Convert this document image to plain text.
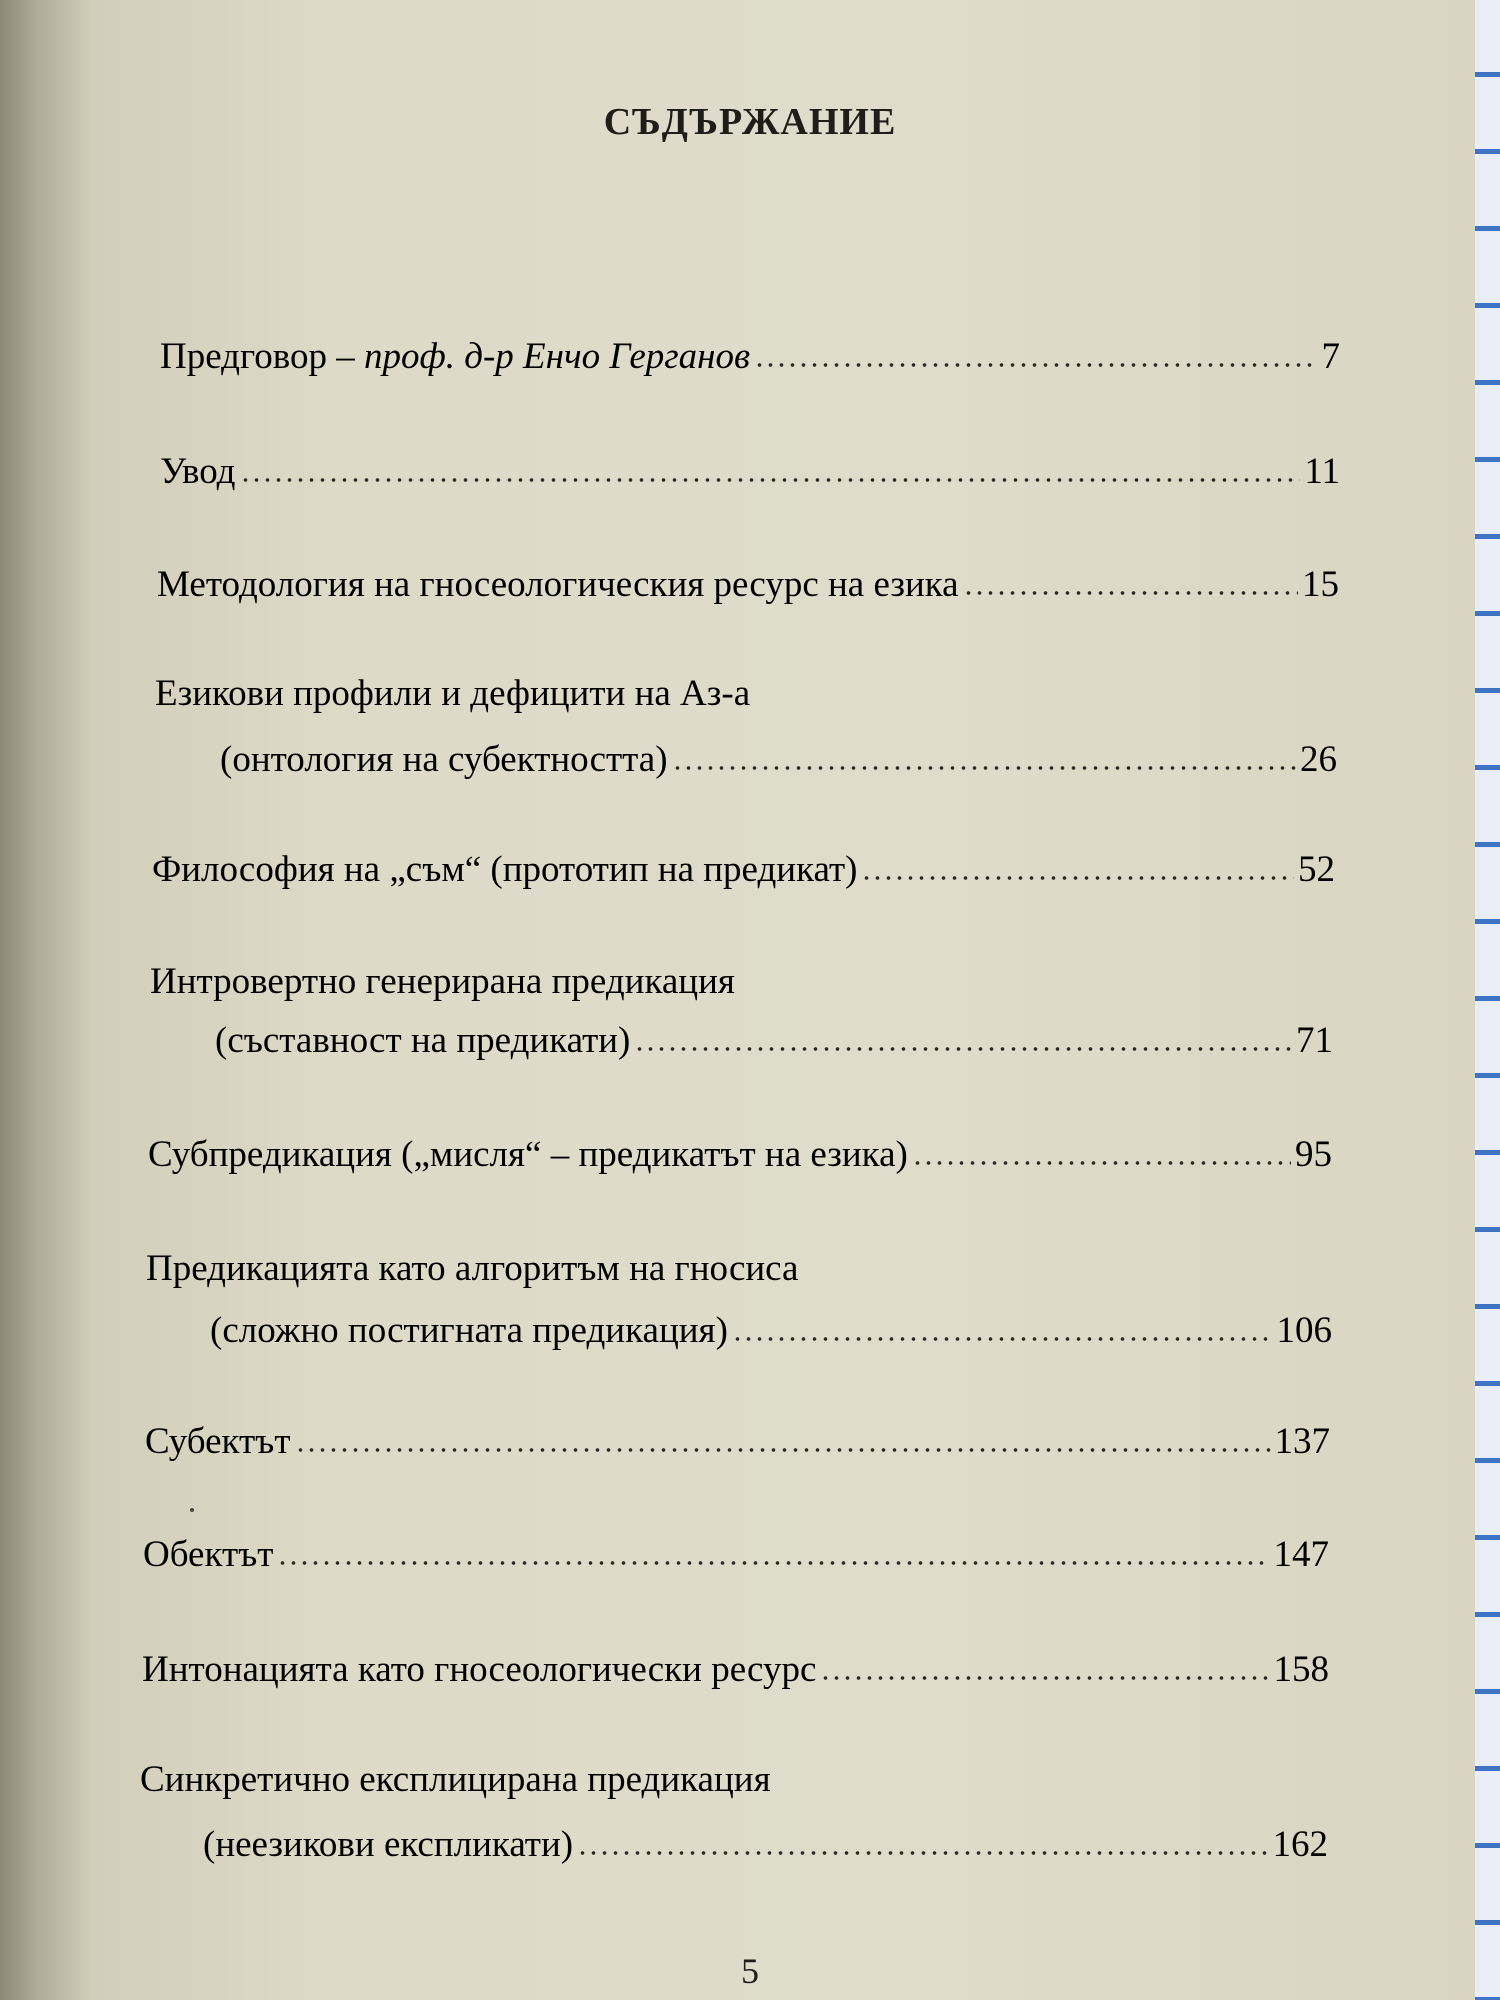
СЪДЪРЖАНИЕ
Предговор – проф. д-р Енчо Герганов	7
Увод	11
Методология на гносеологическия ресурс на езика	15
Езикови профили и дефицити на Аз-а
(онтология на субектността)	26
Философия на „съм“ (прототип на предикат)	52
Интровертно генерирана предикация
(съставност на предикати)	71
Субпредикация („мисля“ – предикатът на езика)	95
Предикацията като алгоритъм на гносиса
(сложно постигната предикация)	106
Субектът	137
Обектът	147
Интонацията като гносеологически ресурс	158
Синкретично експлицирана предикация
(неезикови експликати)	162
5
